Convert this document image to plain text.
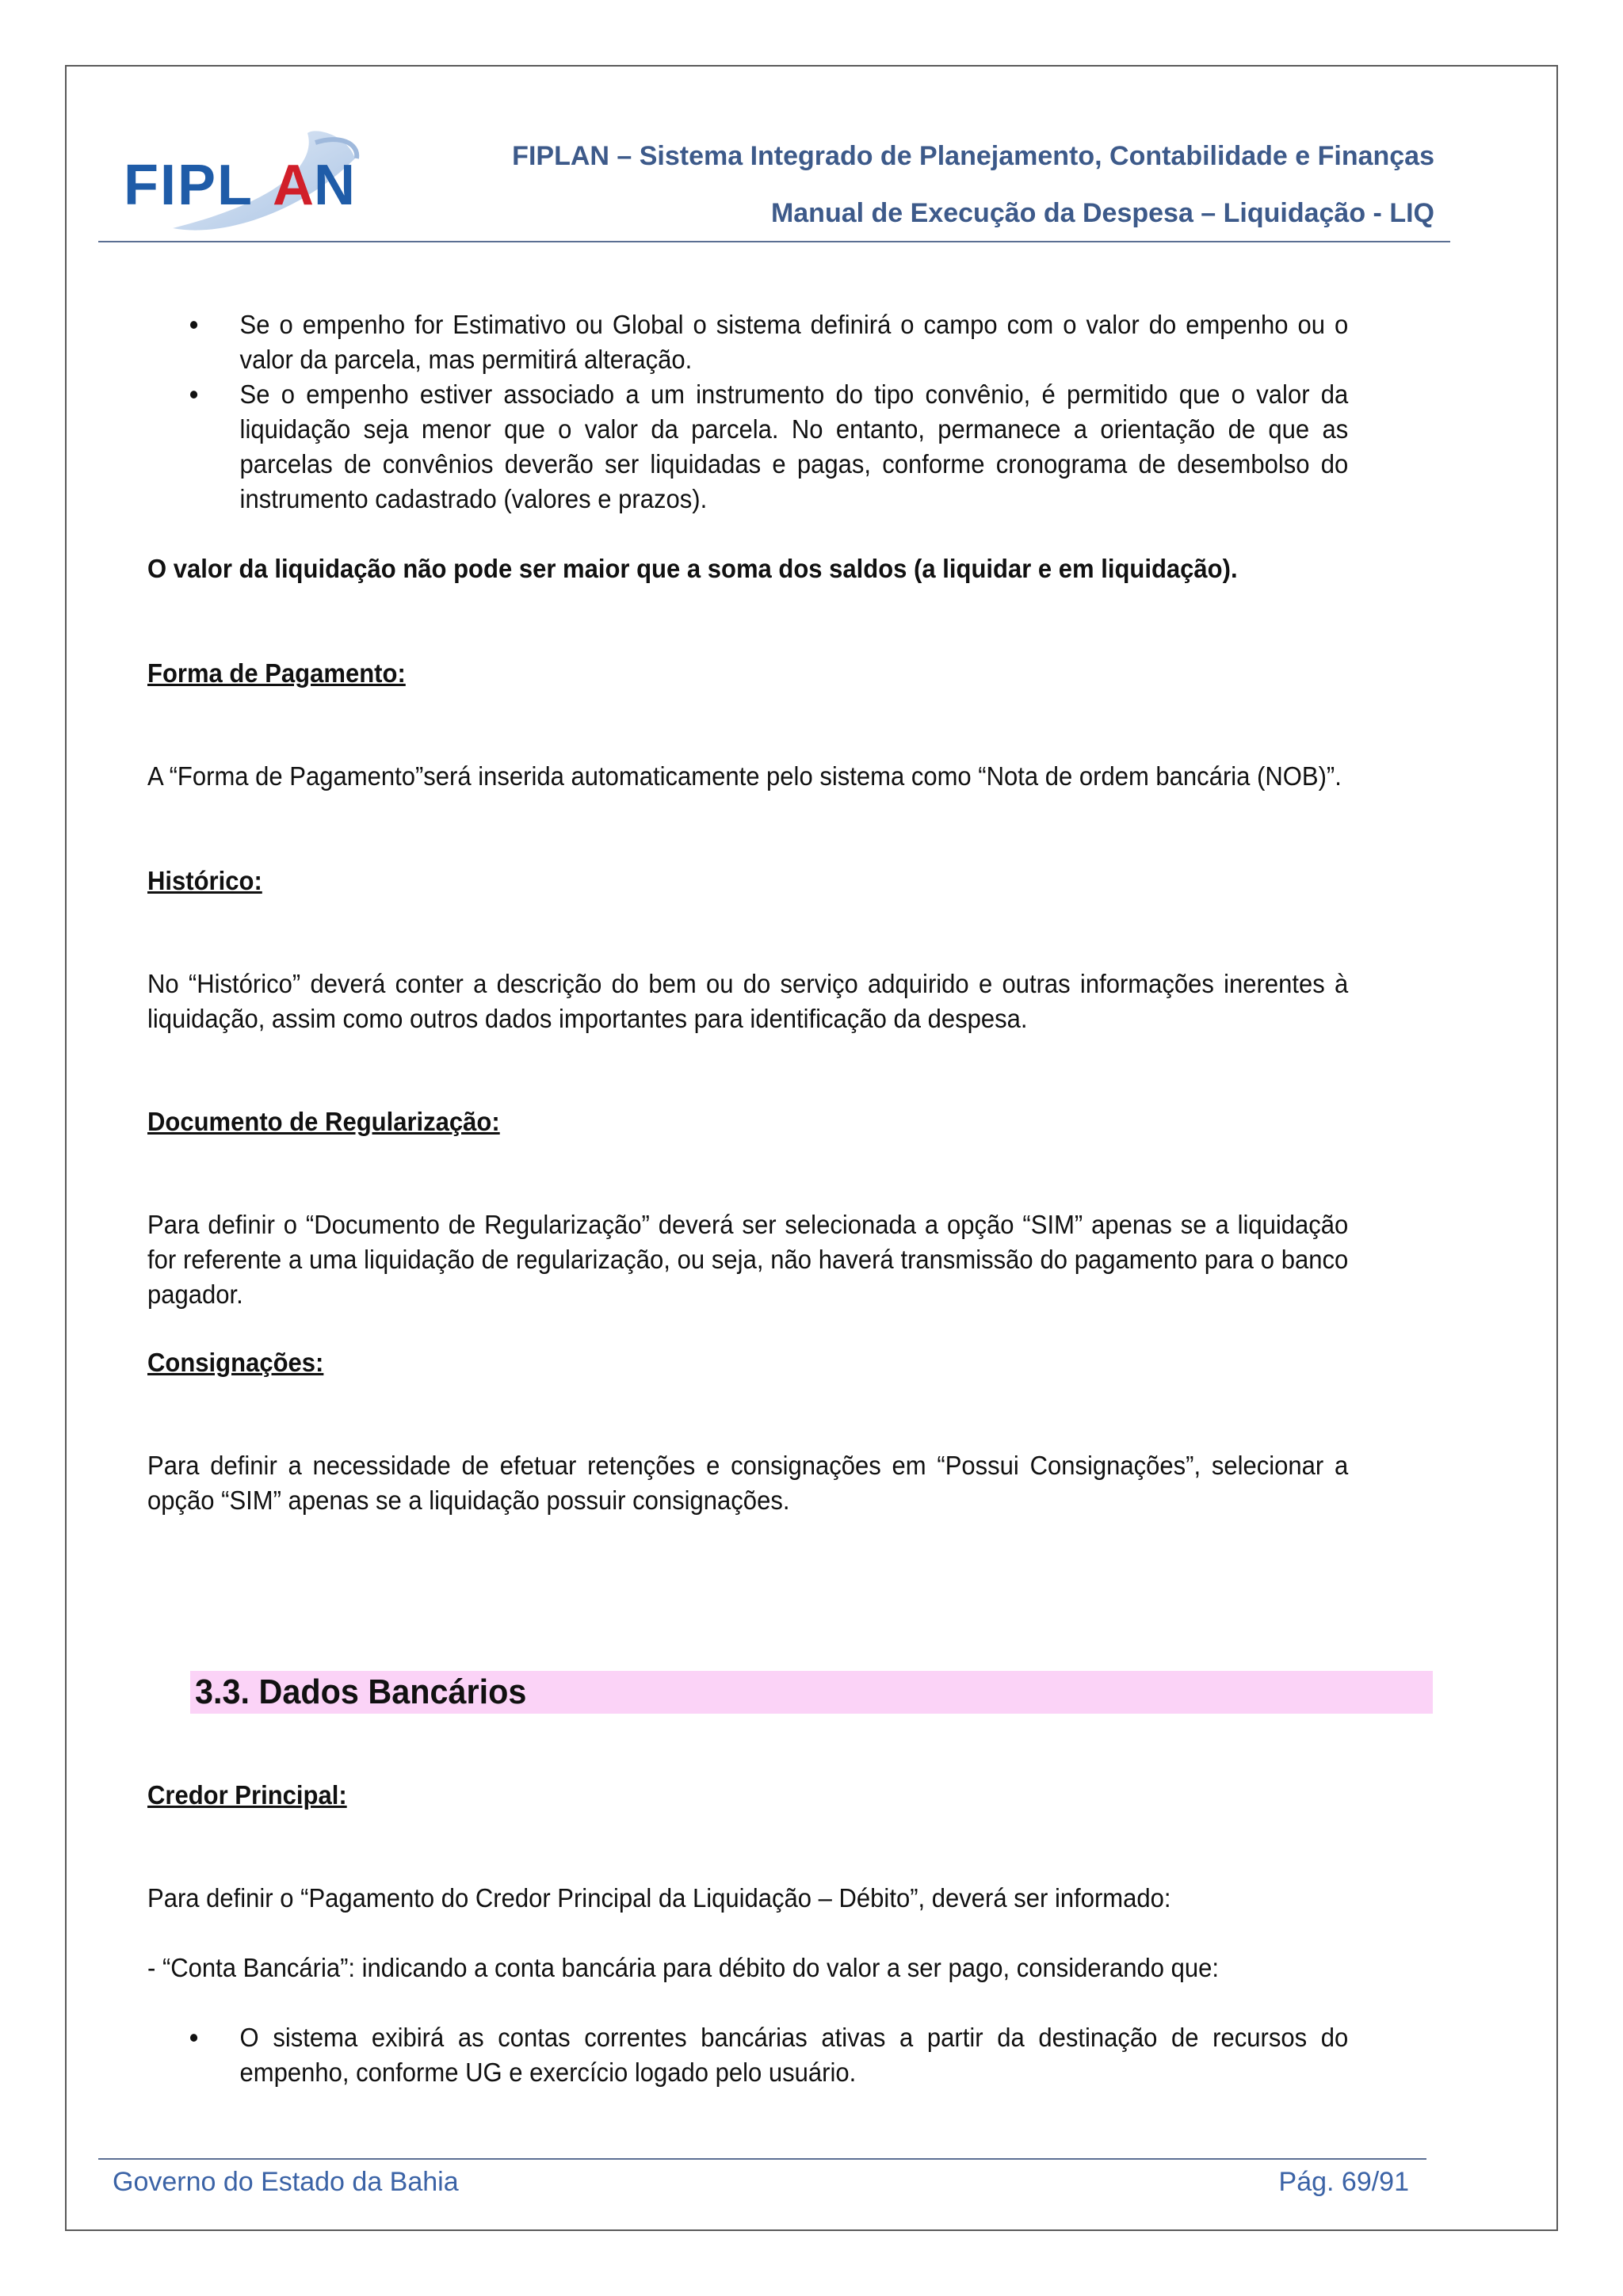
FIPL A N	FIPLAN – Sistema Integrado de Planejamento, Contabilidade e Finanças
Manual de Execução da Despesa – Liquidação - LIQ
• Se o empenho for Estimativo ou Global o sistema definirá o campo com o valor do empenho ou o valor da parcela, mas permitirá alteração.
• Se o empenho estiver associado a um instrumento do tipo convênio, é permitido que o valor da liquidação seja menor que o valor da parcela. No entanto, permanece a orientação de que as parcelas de convênios deverão ser liquidadas e pagas, conforme cronograma de desembolso do instrumento cadastrado (valores e prazos).
O valor da liquidação não pode ser maior que a soma dos saldos (a liquidar e em liquidação).
Forma de Pagamento:
A “Forma de Pagamento”será inserida automaticamente pelo sistema como “Nota de ordem bancária (NOB)”.
Histórico:
No “Histórico” deverá conter a descrição do bem ou do serviço adquirido e outras informações inerentes à liquidação, assim como outros dados importantes para identificação da despesa.
Documento de Regularização:
Para definir o “Documento de Regularização” deverá ser selecionada a opção “SIM” apenas se a liquidação for referente a uma liquidação de regularização, ou seja, não haverá transmissão do pagamento para o banco pagador.
Consignações:
Para definir a necessidade de efetuar retenções e consignações em “Possui Consignações”, selecionar a opção “SIM” apenas se a liquidação possuir consignações.
3.3. Dados Bancários
Credor Principal:
Para definir o “Pagamento do Credor Principal da Liquidação – Débito”, deverá ser informado:
- “Conta Bancária”: indicando a conta bancária para débito do valor a ser pago, considerando que:
• O sistema exibirá as contas correntes bancárias ativas a partir da destinação de recursos do empenho, conforme UG e exercício logado pelo usuário.
Governo do Estado da Bahia	Pág. 69/91
